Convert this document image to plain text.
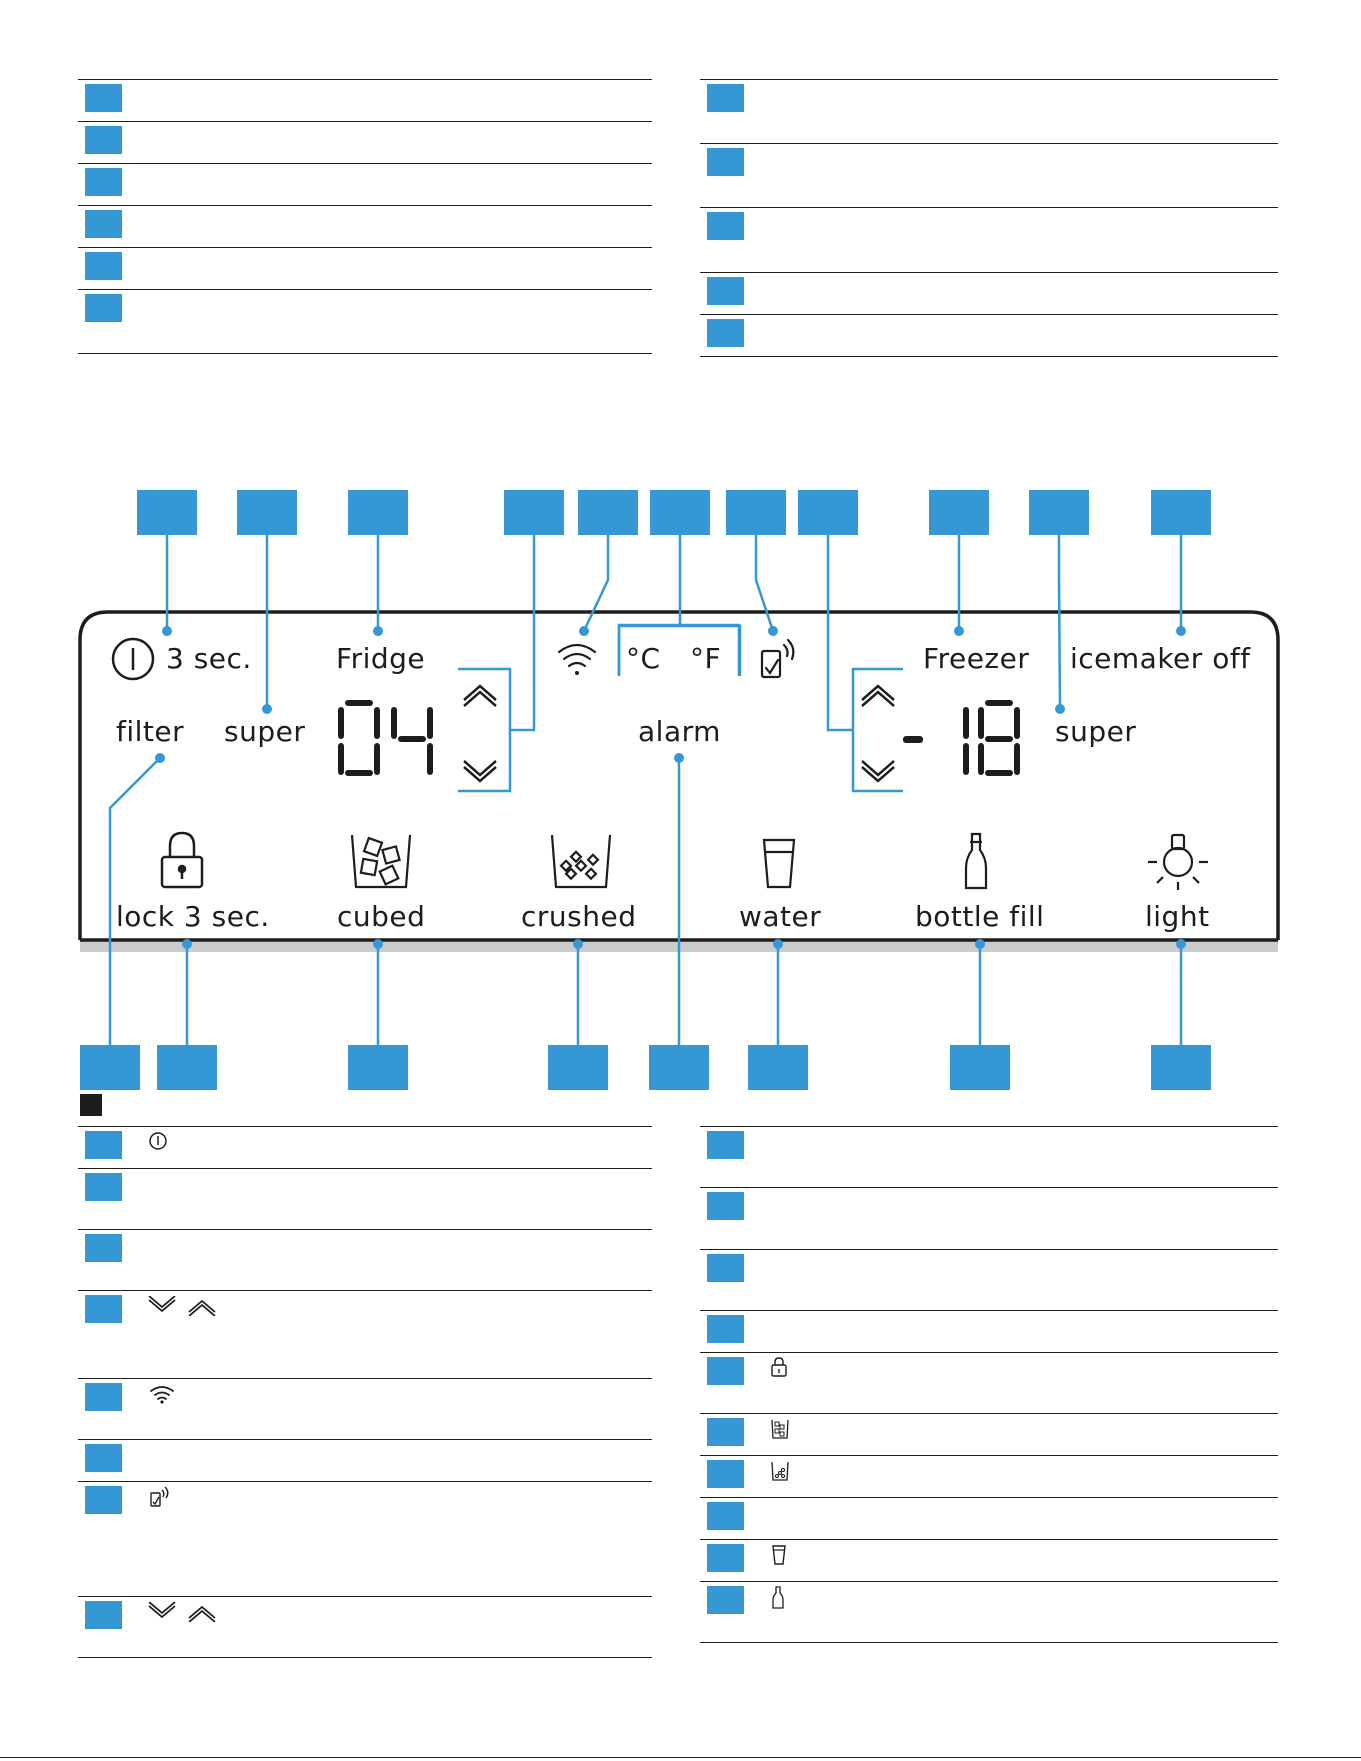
3 sec.
filter super
Fridge	°C °F
alarm
Freezer icemaker off
super
lock 3 sec. cubed	crushed	water	bottle fill	light
